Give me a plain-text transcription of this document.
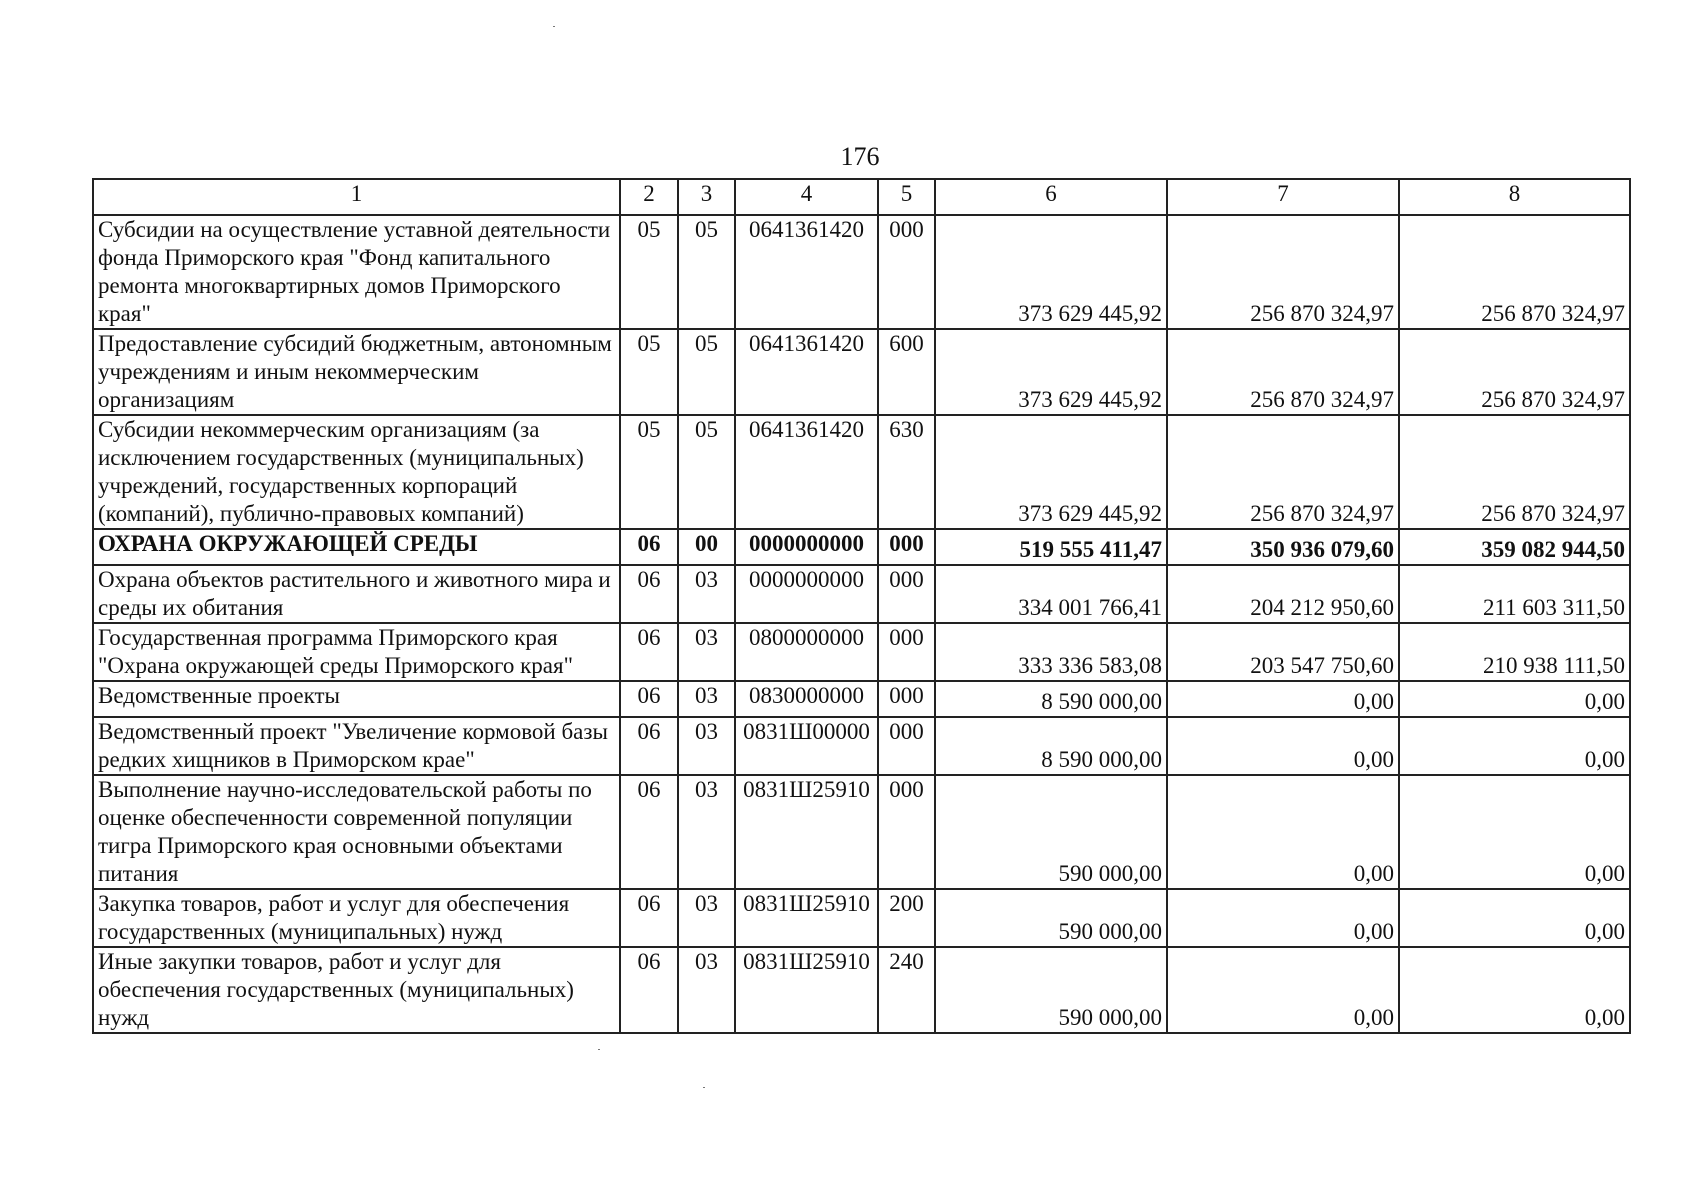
176
1	2	3	4	5	6	7	8
Субсидии на осуществление уставной деятельности фонда Приморского края "Фонд капитального ремонта многоквартирных домов Приморского края"	05	05	0641361420	000	373 629 445,92	256 870 324,97	256 870 324,97
Предоставление субсидий бюджетным, автономным учреждениям и иным некоммерческим организациям	05	05	0641361420	600	373 629 445,92	256 870 324,97	256 870 324,97
Субсидии некоммерческим организациям (за исключением государственных (муниципальных) учреждений, государственных корпораций (компаний), публично-правовых компаний)	05	05	0641361420	630	373 629 445,92	256 870 324,97	256 870 324,97
ОХРАНА ОКРУЖАЮЩЕЙ СРЕДЫ	06	00	0000000000	000	519 555 411,47	350 936 079,60	359 082 944,50
Охрана объектов растительного и животного мира и среды их обитания	06	03	0000000000	000	334 001 766,41	204 212 950,60	211 603 311,50
Государственная программа Приморского края "Охрана окружающей среды Приморского края"	06	03	0800000000	000	333 336 583,08	203 547 750,60	210 938 111,50
Ведомственные проекты	06	03	0830000000	000	8 590 000,00	0,00	0,00
Ведомственный проект "Увеличение кормовой базы редких хищников в Приморском крае"	06	03	0831Ш00000	000	8 590 000,00	0,00	0,00
Выполнение научно-исследовательской работы по оценке обеспеченности современной популяции тигра Приморского края основными объектами питания	06	03	0831Ш25910	000	590 000,00	0,00	0,00
Закупка товаров, работ и услуг для обеспечения государственных (муниципальных) нужд	06	03	0831Ш25910	200	590 000,00	0,00	0,00
Иные закупки товаров, работ и услуг для обеспечения государственных (муниципальных) нужд	06	03	0831Ш25910	240	590 000,00	0,00	0,00
